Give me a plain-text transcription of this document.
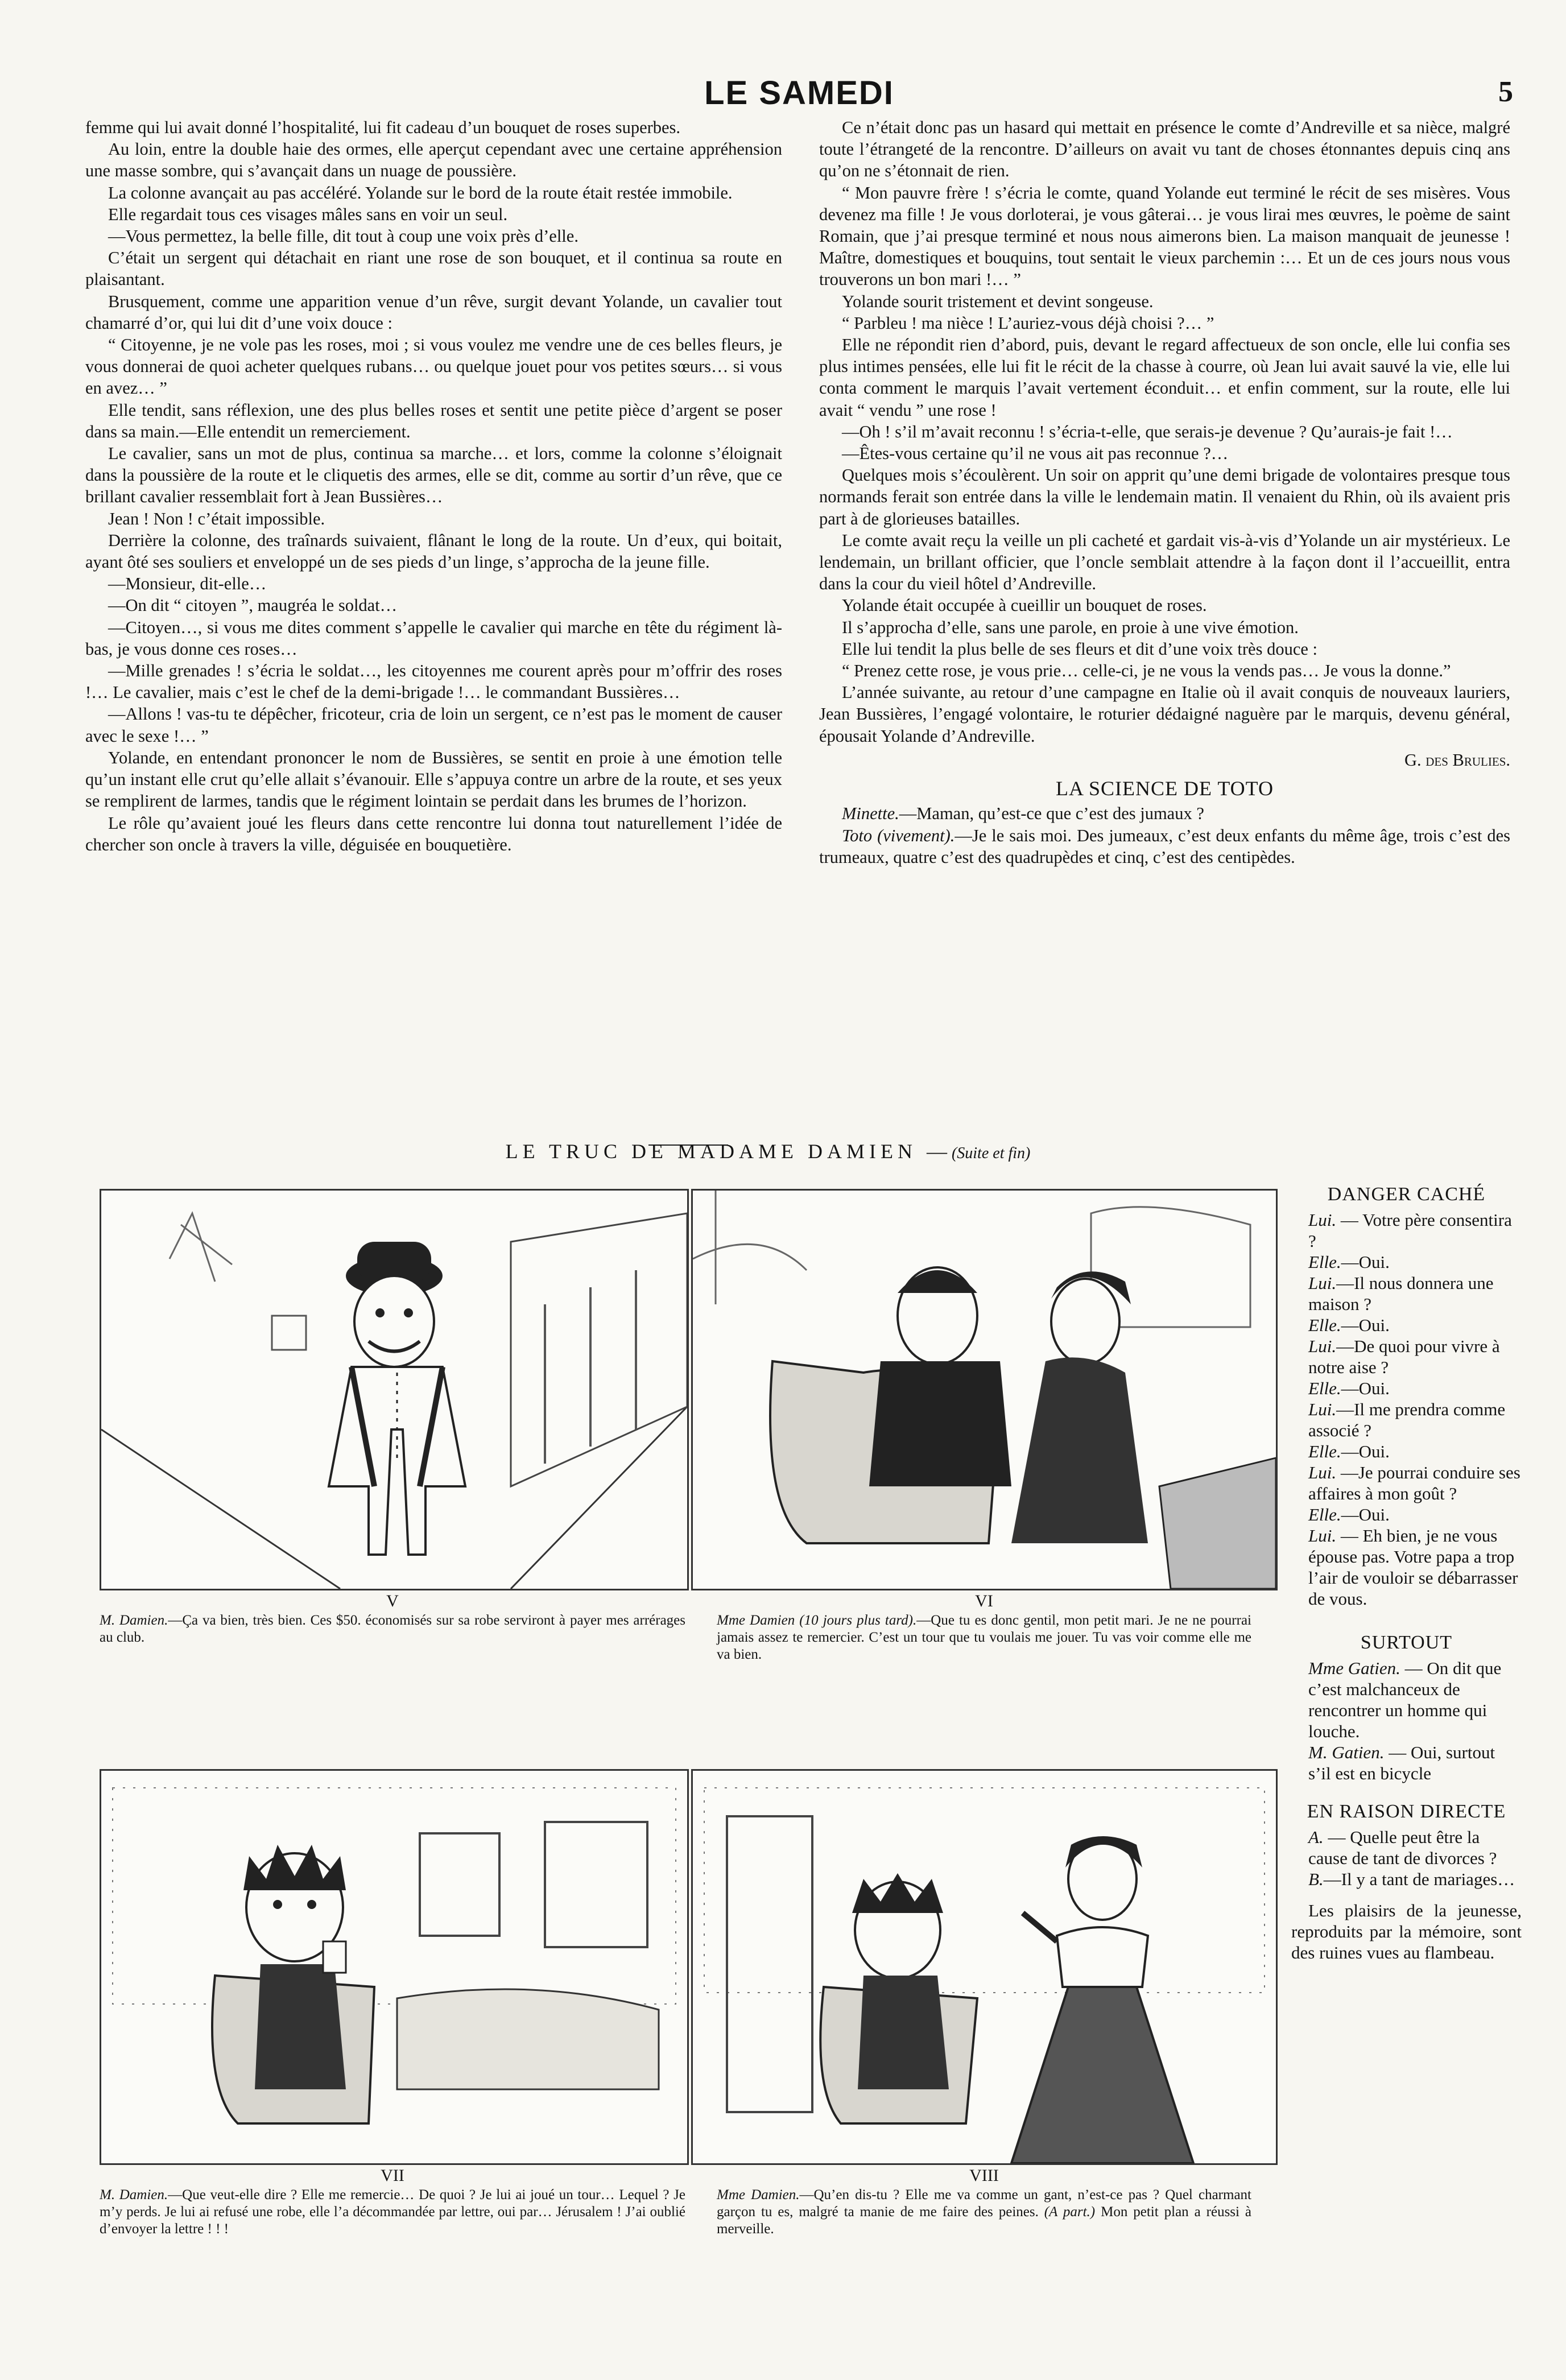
LE SAMEDI	5

femme qui lui avait donné l’hospitalité, lui fit cadeau d’un bouquet de roses superbes.

Au loin, entre la double haie des ormes, elle aperçut cependant avec une certaine appréhension une masse sombre, qui s’avançait dans un nuage de poussière.

La colonne avançait au pas accéléré. Yolande sur le bord de la route était restée immobile.

Elle regardait tous ces visages mâles sans en voir un seul.

—Vous permettez, la belle fille, dit tout à coup une voix près d’elle.

C’était un sergent qui détachait en riant une rose de son bouquet, et il continua sa route en plaisantant.

Brusquement, comme une apparition venue d’un rêve, surgit devant Yolande, un cavalier tout chamarré d’or, qui lui dit d’une voix douce :

“ Citoyenne, je ne vole pas les roses, moi ; si vous voulez me vendre une de ces belles fleurs, je vous donnerai de quoi acheter quelques rubans… ou quelque jouet pour vos petites sœurs… si vous en avez… ”

Elle tendit, sans réflexion, une des plus belles roses et sentit une petite pièce d’argent se poser dans sa main.—Elle entendit un remerciement.

Le cavalier, sans un mot de plus, continua sa marche… et lors, comme la colonne s’éloignait dans la poussière de la route et le cliquetis des armes, elle se dit, comme au sortir d’un rêve, que ce brillant cavalier ressemblait fort à Jean Bussières…

Jean ! Non ! c’était impossible.

Derrière la colonne, des traînards suivaient, flânant le long de la route. Un d’eux, qui boitait, ayant ôté ses souliers et enveloppé un de ses pieds d’un linge, s’approcha de la jeune fille.

—Monsieur, dit-elle…

—On dit “ citoyen ”, maugréa le soldat…

—Citoyen…, si vous me dites comment s’appelle le cavalier qui marche en tête du régiment là-bas, je vous donne ces roses…

—Mille grenades ! s’écria le soldat…, les citoyennes me courent après pour m’offrir des roses !… Le cavalier, mais c’est le chef de la demi-brigade !… le commandant Bussières…

—Allons ! vas-tu te dépêcher, fricoteur, cria de loin un sergent, ce n’est pas le moment de causer avec le sexe !… ”

Yolande, en entendant prononcer le nom de Bussières, se sentit en proie à une émotion telle qu’un instant elle crut qu’elle allait s’évanouir. Elle s’appuya contre un arbre de la route, et ses yeux se remplirent de larmes, tandis que le régiment lointain se perdait dans les brumes de l’horizon.

Le rôle qu’avaient joué les fleurs dans cette rencontre lui donna tout naturellement l’idée de chercher son oncle à travers la ville, déguisée en bouquetière.

Ce n’était donc pas un hasard qui mettait en présence le comte d’Andreville et sa nièce, malgré toute l’étrangeté de la rencontre. D’ailleurs on avait vu tant de choses étonnantes depuis cinq ans qu’on ne s’étonnait de rien.

“ Mon pauvre frère ! s’écria le comte, quand Yolande eut terminé le récit de ses misères. Vous devenez ma fille ! Je vous dorloterai, je vous gâterai… je vous lirai mes œuvres, le poème de saint Romain, que j’ai presque terminé et nous nous aimerons bien. La maison manquait de jeunesse ! Maître, domestiques et bouquins, tout sentait le vieux parchemin :… Et un de ces jours nous vous trouverons un bon mari !… ”

Yolande sourit tristement et devint songeuse.

“ Parbleu ! ma nièce ! L’auriez-vous déjà choisi ?… ”

Elle ne répondit rien d’abord, puis, devant le regard affectueux de son oncle, elle lui confia ses plus intimes pensées, elle lui fit le récit de la chasse à courre, où Jean lui avait sauvé la vie, elle lui conta comment le marquis l’avait vertement éconduit… et enfin comment, sur la route, elle lui avait “ vendu ” une rose !

—Oh ! s’il m’avait reconnu ! s’écria-t-elle, que serais-je devenue ? Qu’aurais-je fait !…

—Êtes-vous certaine qu’il ne vous ait pas reconnue ?…

Quelques mois s’écoulèrent. Un soir on apprit qu’une demi brigade de volontaires presque tous normands ferait son entrée dans la ville le lendemain matin. Il venaient du Rhin, où ils avaient pris part à de glorieuses batailles.

Le comte avait reçu la veille un pli cacheté et gardait vis-à-vis d’Yolande un air mystérieux. Le lendemain, un brillant officier, que l’oncle semblait attendre à la façon dont il l’accueillit, entra dans la cour du vieil hôtel d’Andreville.

Yolande était occupée à cueillir un bouquet de roses.

Il s’approcha d’elle, sans une parole, en proie à une vive émotion.

Elle lui tendit la plus belle de ses fleurs et dit d’une voix très douce :

“ Prenez cette rose, je vous prie… celle-ci, je ne vous la vends pas… Je vous la donne.”

L’année suivante, au retour d’une campagne en Italie où il avait conquis de nouveaux lauriers, Jean Bussières, l’engagé volontaire, le roturier dédaigné naguère par le marquis, devenu général, épousait Yolande d’Andreville.

G. des Brulies.
LA SCIENCE DE TOTO

Minette.—Maman, qu’est-ce que c’est des jumaux ?

Toto (vivement).—Je le sais moi. Des jumeaux, c’est deux enfants du même âge, trois c’est des trumeaux, quatre c’est des quadrupèdes et cinq, c’est des centipèdes.

LE TRUC DE MADAME DAMIEN —(Suite et fin)
V
M. Damien.—Ça va bien, très bien. Ces $50. économisés sur sa robe serviront à payer mes arrérages au club.
VI
Mme Damien (10 jours plus tard).—Que tu es donc gentil, mon petit mari. Je ne ne pourrai jamais assez te remercier. C’est un tour que tu voulais me jouer. Tu vas voir comme elle me va bien.
VII
M. Damien.—Que veut-elle dire ? Elle me remercie… De quoi ? Je lui ai joué un tour… Lequel ? Je m’y perds. Je lui ai refusé une robe, elle l’a décommandée par lettre, oui par… Jérusalem ! J’ai oublié d’envoyer la lettre ! ! !
VIII
Mme Damien.—Qu’en dis-tu ? Elle me va comme un gant, n’est-ce pas ? Quel charmant garçon tu es, malgré ta manie de me faire des peines. (A part.) Mon petit plan a réussi à merveille.
DANGER CACHÉ

Lui. — Votre père consentira ?

Elle.—Oui.

Lui.—Il nous donnera une maison ?

Elle.—Oui.

Lui.—De quoi pour vivre à notre aise ?

Elle.—Oui.

Lui.—Il me prendra comme associé ?

Elle.—Oui.

Lui. —Je pourrai conduire ses affaires à mon goût ?

Elle.—Oui.

Lui. — Eh bien, je ne vous épouse pas. Votre papa a trop l’air de vouloir se débarrasser de vous.

SURTOUT

Mme Gatien. — On dit que c’est malchanceux de rencontrer un homme qui louche.

M. Gatien. — Oui, surtout s’il est en bicycle

EN RAISON DIRECTE

A. — Quelle peut être la cause de tant de divorces ?

B.—Il y a tant de mariages…

Les plaisirs de la jeunesse, reproduits par la mémoire, sont des ruines vues au flambeau.
